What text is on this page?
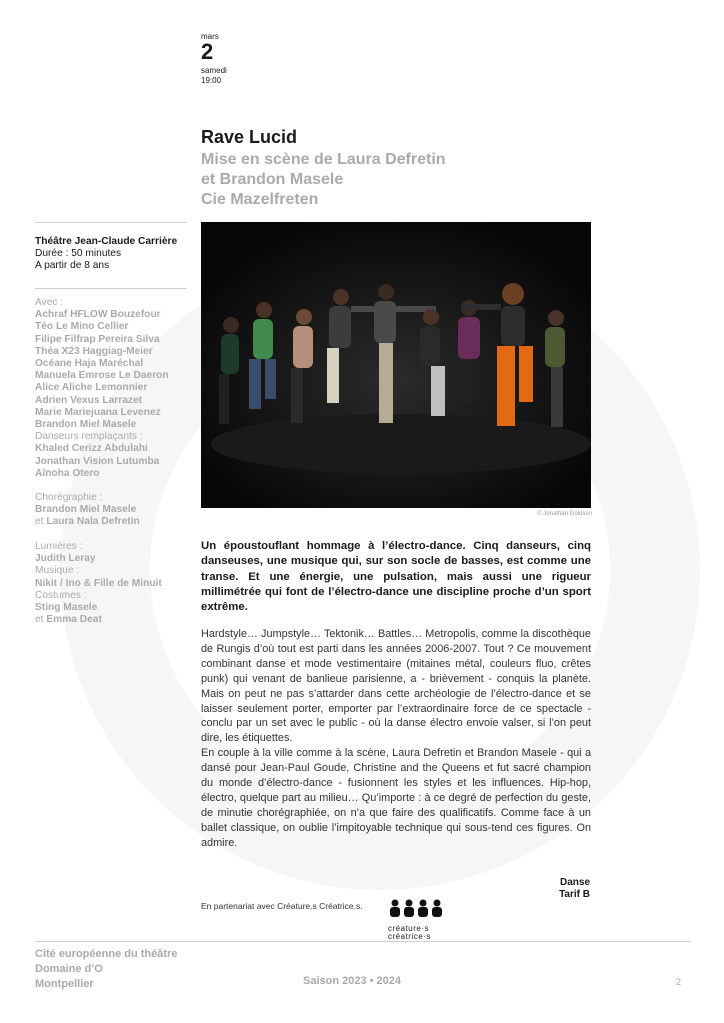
mars
2
samedi
19:00
Rave Lucid
Mise en scène de Laura Defretin
et Brandon Masele
Cie Mazelfreten
Théâtre Jean-Claude Carrière
Durée : 50 minutes
A partir de 8 ans
Avec :
Achraf HFLOW Bouzefour
Téo Le Mino Cellier
Filipe Filfrap Pereira Silva
Théa X23 Haggiag-Meier
Océane Haja Maréchal
Manuela Emrose Le Daeron
Alice Aliche Lemonnier
Adrien Vexus Larrazet
Marie Mariejuana Levenez
Brandon Miel Masele
Danseurs remplaçants :
Khaled Cerizz Abdulahi
Jonathan Vision Lutumba
Aïnoha Otero
Chorégraphie :
Brandon Miel Masele
et Laura Nala Defretin
Lumières :
Judith Leray
Musique :
Nikit / Ino & Fille de Minuit
Costumes :
Sting Masele
et Emma Deat
© Jonathan Goldson
Un époustouflant hommage à l’électro-dance. Cinq danseurs, cinq danseuses, une musique qui, sur son socle de basses, est comme une transe. Et une énergie, une pulsation, mais aussi une rigueur millimétrée qui font de l’électro-dance une discipline proche d’un sport extrême.

Hardstyle… Jumpstyle… Tektonik… Battles… Metropolis, comme la discothèque de Rungis d’où tout est parti dans les années 2006-2007. Tout ? Ce mouvement combinant danse et mode vestimentaire (mitaines métal, couleurs fluo, crêtes punk) qui venant de banlieue parisienne, a - brièvement - conquis la planète. Mais on peut ne pas s’attarder dans cette archéologie de l’électro-dance et se laisser seulement porter, emporter par l’extraordinaire force de ce spectacle - conclu par un set avec le public - où la danse électro envoie valser, si l’on peut dire, les étiquettes.

En couple à la ville comme à la scène, Laura Defretin et Brandon Masele - qui a dansé pour Jean-Paul Goude, Christine and the Queens et fut sacré champion du monde d’électro-dance - fusionnent les styles et les influences. Hip-hop, électro, quelque part au milieu… Qu’importe : à ce degré de perfection du geste, de minutie chorégraphiée, on n’a que faire des qualificatifs. Comme face à un ballet classique, on oublie l’impitoyable technique qui sous-tend ces figures. On admire.

Danse
Tarif B
En partenariat avec Créature.s Créatrice.s.
créature·s
créatrice·s
Cité européenne du théâtre
Domaine d’O
Montpellier	Saison 2023 • 2024	2
